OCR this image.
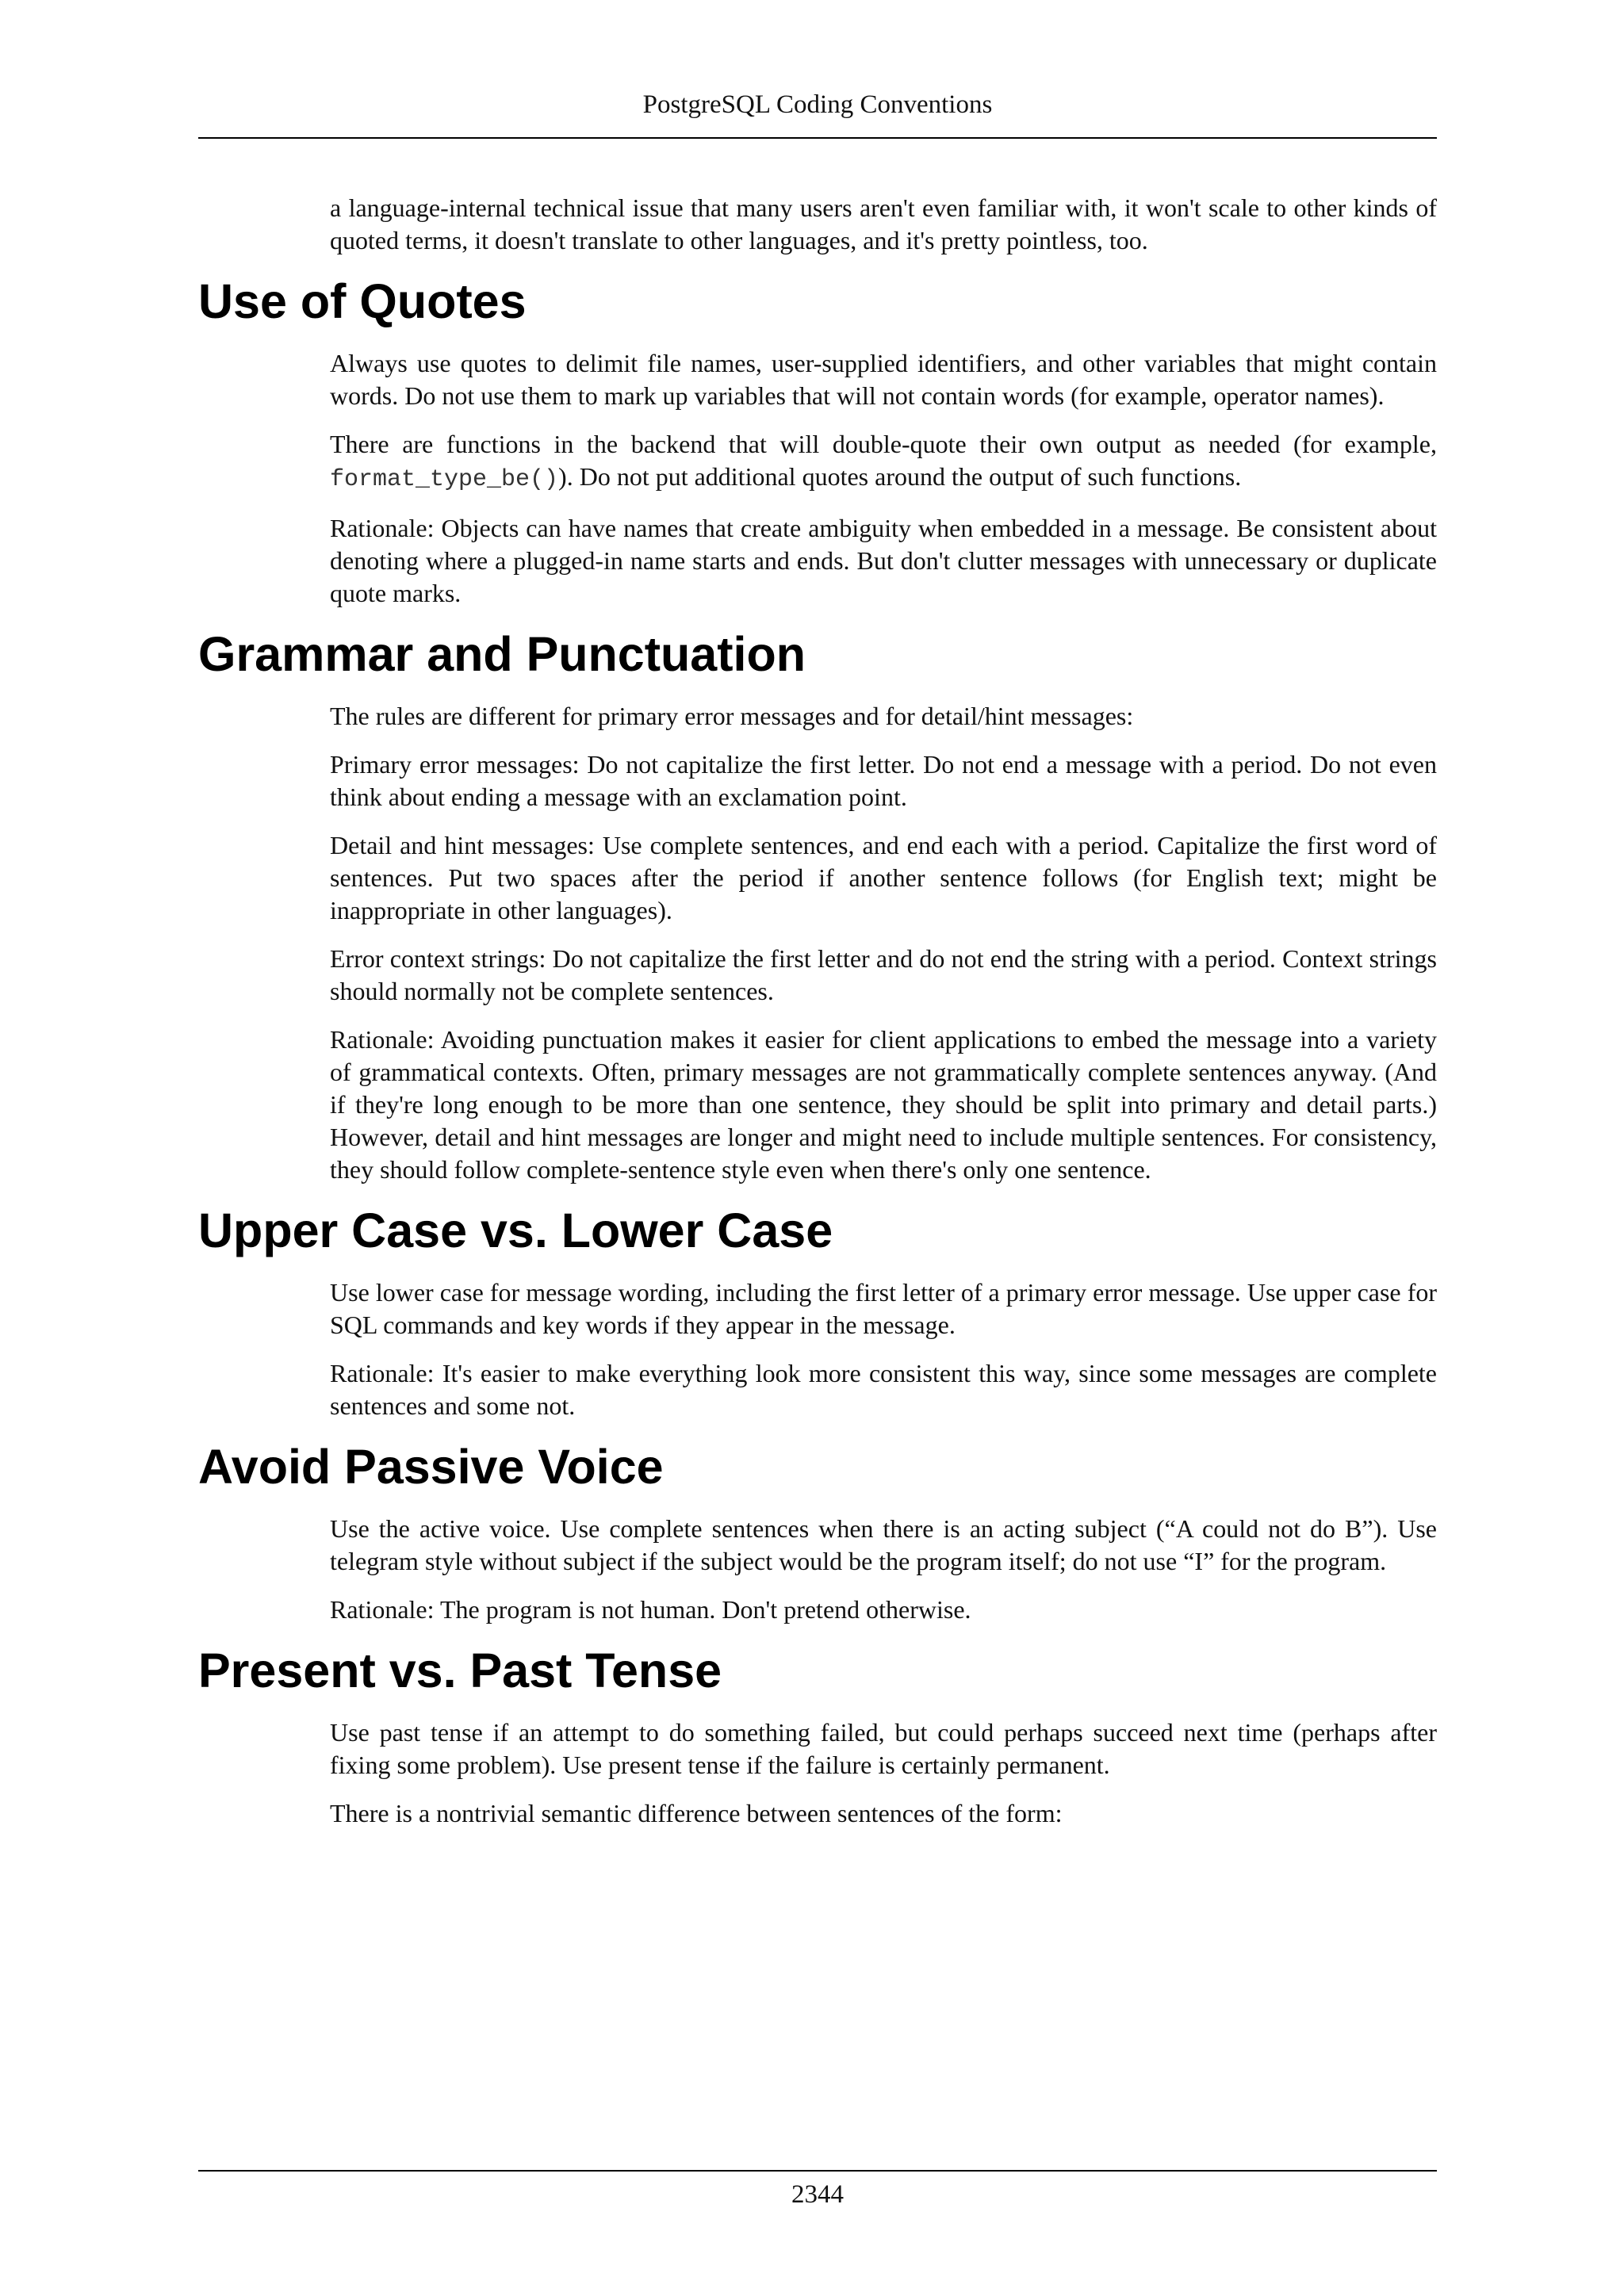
PostgreSQL Coding Conventions

a language-internal technical issue that many users aren't even familiar with, it won't scale to other kinds of quoted terms, it doesn't translate to other languages, and it's pretty pointless, too.

Use of Quotes

Always use quotes to delimit file names, user-supplied identifiers, and other variables that might contain words. Do not use them to mark up variables that will not contain words (for example, operator names).

There are functions in the backend that will double-quote their own output as needed (for example, format_type_be()). Do not put additional quotes around the output of such functions.

Rationale: Objects can have names that create ambiguity when embedded in a message. Be consistent about denoting where a plugged-in name starts and ends. But don't clutter messages with unnecessary or duplicate quote marks.

Grammar and Punctuation

The rules are different for primary error messages and for detail/hint messages:

Primary error messages: Do not capitalize the first letter. Do not end a message with a period. Do not even think about ending a message with an exclamation point.

Detail and hint messages: Use complete sentences, and end each with a period. Capitalize the first word of sentences. Put two spaces after the period if another sentence follows (for English text; might be inappropriate in other languages).

Error context strings: Do not capitalize the first letter and do not end the string with a period. Context strings should normally not be complete sentences.

Rationale: Avoiding punctuation makes it easier for client applications to embed the message into a variety of grammatical contexts. Often, primary messages are not grammatically complete sentences anyway. (And if they're long enough to be more than one sentence, they should be split into primary and detail parts.) However, detail and hint messages are longer and might need to include multiple sentences. For consistency, they should follow complete-sentence style even when there's only one sentence.

Upper Case vs. Lower Case

Use lower case for message wording, including the first letter of a primary error message. Use upper case for SQL commands and key words if they appear in the message.

Rationale: It's easier to make everything look more consistent this way, since some messages are complete sentences and some not.

Avoid Passive Voice

Use the active voice. Use complete sentences when there is an acting subject (“A could not do B”). Use telegram style without subject if the subject would be the program itself; do not use “I” for the program.

Rationale: The program is not human. Don't pretend otherwise.

Present vs. Past Tense

Use past tense if an attempt to do something failed, but could perhaps succeed next time (perhaps after fixing some problem). Use present tense if the failure is certainly permanent.

There is a nontrivial semantic difference between sentences of the form:

2344
